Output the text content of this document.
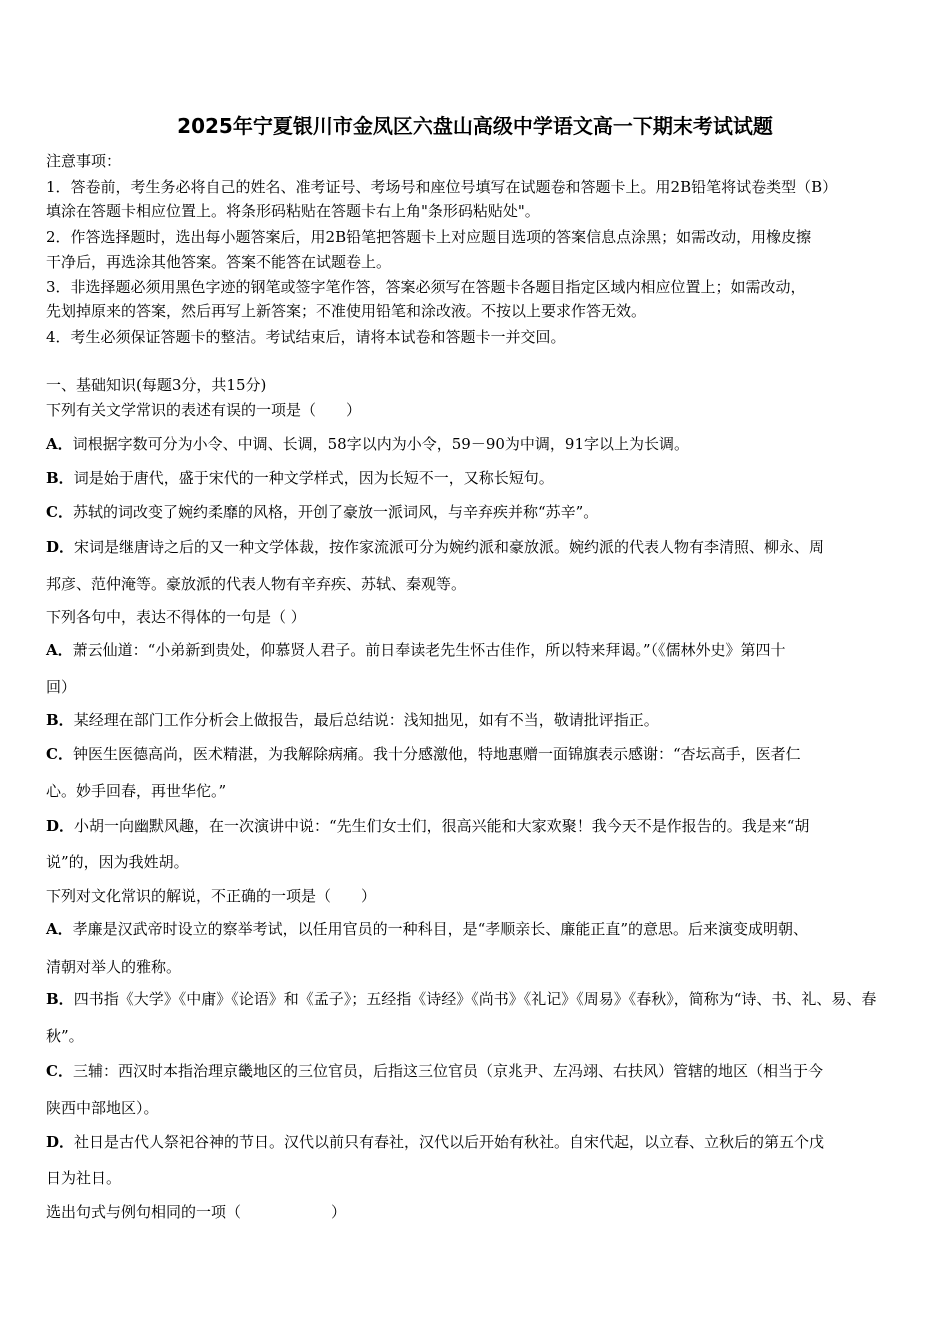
2025年宁夏银川市金凤区六盘山高级中学语文高一下期末考试试题
注意事项：
1．答卷前，考生务必将自己的姓名、准考证号、考场号和座位号填写在试题卷和答题卡上。用2B铅笔将试卷类型（B）
填涂在答题卡相应位置上。将条形码粘贴在答题卡右上角"条形码粘贴处"。
2．作答选择题时，选出每小题答案后，用2B铅笔把答题卡上对应题目选项的答案信息点涂黑；如需改动，用橡皮擦
干净后，再选涂其他答案。答案不能答在试题卷上。
3．非选择题必须用黑色字迹的钢笔或签字笔作答，答案必须写在答题卡各题目指定区域内相应位置上；如需改动，
先划掉原来的答案，然后再写上新答案；不准使用铅笔和涂改液。不按以上要求作答无效。
4．考生必须保证答题卡的整洁。考试结束后，请将本试卷和答题卡一并交回。
一、基础知识(每题3分，共15分)
下列有关文学常识的表述有误的一项是（　　）
A．词根据字数可分为小令、中调、长调，58字以内为小令，59－90为中调，91字以上为长调。
B．词是始于唐代，盛于宋代的一种文学样式，因为长短不一，又称长短句。
C．苏轼的词改变了婉约柔靡的风格，开创了豪放一派词风，与辛弃疾并称“苏辛”。
D．宋词是继唐诗之后的又一种文学体裁，按作家流派可分为婉约派和豪放派。婉约派的代表人物有李清照、柳永、周
邦彦、范仲淹等。豪放派的代表人物有辛弃疾、苏轼、秦观等。
下列各句中，表达不得体的一句是（ ）
A．萧云仙道：“小弟新到贵处，仰慕贤人君子。前日奉读老先生怀古佳作，所以特来拜谒。”（《儒林外史》第四十
回）
B．某经理在部门工作分析会上做报告，最后总结说：浅知拙见，如有不当，敬请批评指正。
C．钟医生医德高尚，医术精湛，为我解除病痛。我十分感激他，特地惠赠一面锦旗表示感谢：“杏坛高手，医者仁
心。妙手回春，再世华佗。”
D．小胡一向幽默风趣，在一次演讲中说：“先生们女士们，很高兴能和大家欢聚！我今天不是作报告的。我是来“胡
说”的，因为我姓胡。
下列对文化常识的解说，不正确的一项是（　　）
A．孝廉是汉武帝时设立的察举考试，以任用官员的一种科目，是“孝顺亲长、廉能正直”的意思。后来演变成明朝、
清朝对举人的雅称。
B．四书指《大学》《中庸》《论语》和《孟子》；五经指《诗经》《尚书》《礼记》《周易》《春秋》，简称为“诗、书、礼、易、春
秋”。
C．三辅：西汉时本指治理京畿地区的三位官员，后指这三位官员（京兆尹、左冯翊、右扶风）管辖的地区（相当于今
陕西中部地区）。
D．社日是古代人祭祀谷神的节日。汉代以前只有春社，汉代以后开始有秋社。自宋代起，以立春、立秋后的第五个戊
日为社日。
选出句式与例句相同的一项（　　　　　　）
